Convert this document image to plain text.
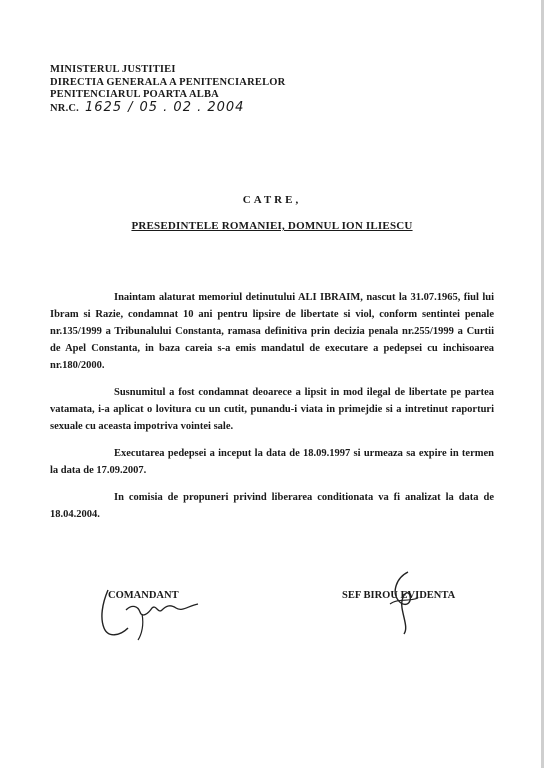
MINISTERUL JUSTITIEI
DIRECTIA GENERALA A PENITENCIARELOR
PENITENCIARUL POARTA ALBA
NR.C. 1625 / 05 . 02 . 2004
CATRE,
PRESEDINTELE ROMANIEI, DOMNUL ION ILIESCU

Inaintam alaturat memoriul detinutului ALI IBRAIM, nascut la 31.07.1965, fiul lui Ibram si Razie, condamnat 10 ani pentru lipsire de libertate si viol, conform sentintei penale nr.135/1999 a Tribunalului Constanta, ramasa definitiva prin decizia penala nr.255/1999 a Curtii de Apel Constanta, in baza careia s-a emis mandatul de executare a pedepsei cu inchisoarea nr.180/2000.

Susnumitul a fost condamnat deoarece a lipsit in mod ilegal de libertate pe partea vatamata, i-a aplicat o lovitura cu un cutit, punandu-i viata in primejdie si a intretinut raporturi sexuale cu aceasta impotriva vointei sale.

Executarea pedepsei a inceput la data de 18.09.1997 si urmeaza sa expire in termen la data de 17.09.2007.

In comisia de propuneri privind liberarea conditionata va fi analizat la data de 18.04.2004.

COMANDANT	SEF BIROU EVIDENTA
